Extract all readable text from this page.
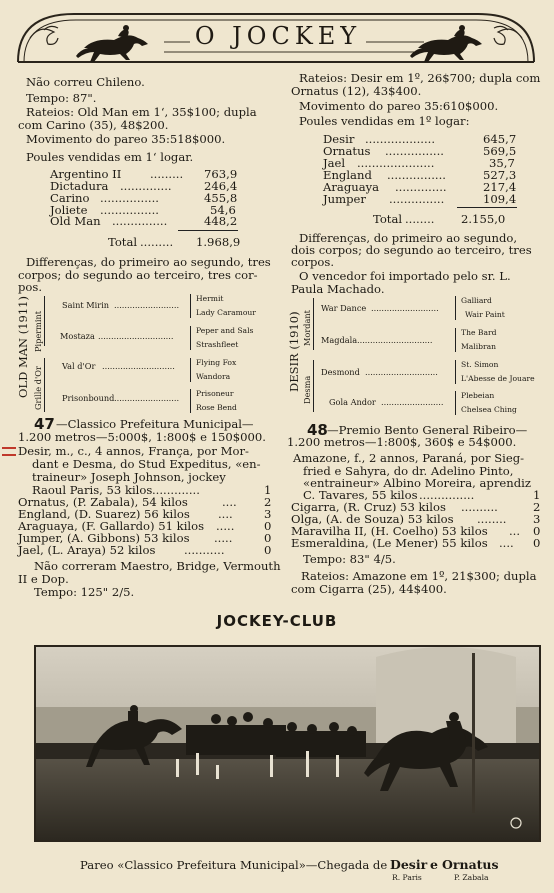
O JOCKEY
Não correu Chileno.
Tempo: 87".
Rateios: Old Man em 1ʻ, 35$100; dupla
com Carino (35), 48$200.
Movimento do pareo 35:518$000.
Poules vendidas em 1ʻ logar.
Argentino II	763,9
Dictadura	246,4
Carino	455,8
Joliete	54,6
Old Man	448,2
.........
..............
................
................
...............
Total ......... 1.968,9
Differenças, do primeiro ao segundo, tres
corpos; do segundo ao terceiro, tres cor-
pos.
OLD MAN (1911) Pipermint
Grille d'Or
Saint Mirin
Mostaza
Val d'Or
Prisonbound
.........................
.............................
............................
.........................
Hermit
Lady Caramour
Peper and Sals
Strashfleet
Flying Fox
Wandora
Prisoneur
Rose Bend
47 —Classico Prefeitura Municipal—
1.200 metros—5:000$, 1:800$ e 150$000.
Desir, m., c., 4 annos, França, por Mor-
dant e Desma, do Stud Expeditus, «en-
traineur» Joseph Johnson, jockey
Raoul Paris, 53 kilos .............	1
Ornatus, (P. Zabala), 54 kilos	.... 2
England, (D. Suarez) 56 kilos ....	3
Araguaya, (F. Gallardo) 51 kilos .....	0
Jumper, (A. Gibbons) 53 kilos .....	0
Jael, (L. Araya) 52 kilos ...........	0
Não correram Maestro, Bridge, Vermouth
II e Dop.
Tempo: 125" 2/5.
Rateios: Desir em 1º, 26$700; dupla com
Ornatus (12), 43$400.
Movimento do pareo 35:610$000.
Poules vendidas em 1º logar:
Desir	645,7
Ornatus	569,5
Jael	35,7
England	527,3
Araguaya	217,4
Jumper	109,4
...................
................
.....................
................
..............
...............
Total ........ 2.155,0
Differenças, do primeiro ao segundo,
dois corpos; do segundo ao terceiro, tres
corpos.
O vencedor foi importado pelo sr. L.
Paula Machado.
DESIR (1910) Mordant
Desma
War Dance
Magdala
Desmond
Gola Andor
..........................
.............................
............................
........................
Galliard
Wair Paint
The Bard
Malibran
St. Simon
L'Abesse de Jouare
Plebeian
Chelsea Ching
48 —Premio Bento General Ribeiro—
1.200 metros—1:800$, 360$ e 54$000.
Amazone, f., 2 annos, Paraná, por Sieg-
fried e Sahyra, do dr. Adelino Pinto,
«entraineur» Albino Moreira, aprendiz
C. Tavares, 55 kilos ...............	1
Cigarra, (R. Cruz) 53 kilos ..........	2
Olga, (A. de Souza) 53 kilos ........ 3
Maravilha II, (H. Coelho) 53 kilos ... 0
Esmeraldina, (Le Mener) 55 kilos .... 0
Tempo: 83" 4/5.
Rateios: Amazone em 1º, 21$300; dupla
com Cigarra (25), 44$400.
JOCKEY-CLUB
Pareo «Classico Prefeitura Municipal»—Chegada de Desir e Ornatus
R. Paris	P. Zabala
